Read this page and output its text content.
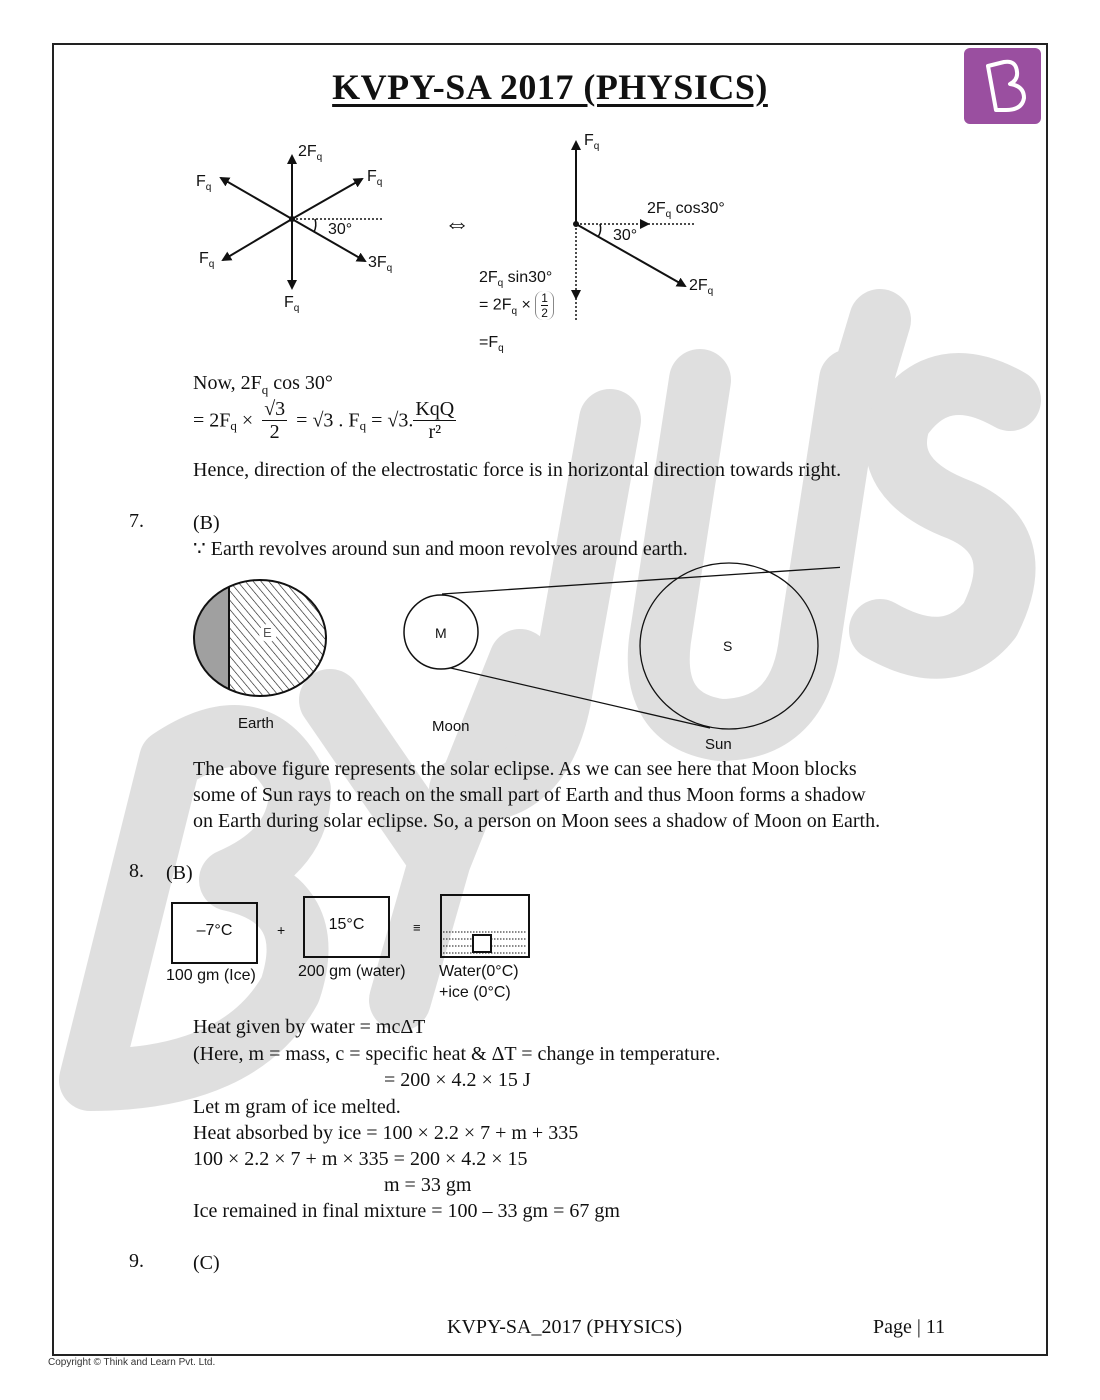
KVPY-SA 2017 (PHYSICS)
$2F_q$
$F_q$
$F_q$
$F_q$	$3F_q$
$F_q$
30°	⇔
$F_q$
$2F_q$ cos30°
30°
$2F_q$
$2F_q$ sin30°
= $2F_q \times \frac{1}{2}$
$=F_q$
Now, $2F_q$ cos 30°
= $2F_q \times \frac{√3}{2} = √3$ . $F_q = √3$. $\frac{\text{KqQ}}{\text{r²}}$
Hence, direction of the electrostatic force is in horizontal direction towards right.
7. (B)
∵ Earth revolves around sun and moon revolves around earth.
E	M
S
Earth	Moon
Sun
The above figure represents the solar eclipse. As we can see here that Moon blocks
some of Sun rays to reach on the small part of Earth and thus Moon forms a shadow
on Earth during solar eclipse. So, a person on Moon sees a shadow of Moon on Earth.
8. (B)
–7°C
100 gm (Ice)
+	15°C
200 gm (water)
≡
Water(0°C)
+ice (0°C)
Heat given by water = mcΔT
(Here, m = mass, c = specific heat & ΔT = change in temperature.
= 200 × 4.2 × 15 J
Let m gram of ice melted.
Heat absorbed by ice = 100 × 2.2 × 7 + m + 335
100 × 2.2 × 7 + m × 335 = 200 × 4.2 × 15
m = 33 gm
Ice remained in final mixture = 100 – 33 gm = 67 gm
9. (C)
KVPY-SA_2017 (PHYSICS)	Page | 11
Copyright © Think and Learn Pvt. Ltd.
